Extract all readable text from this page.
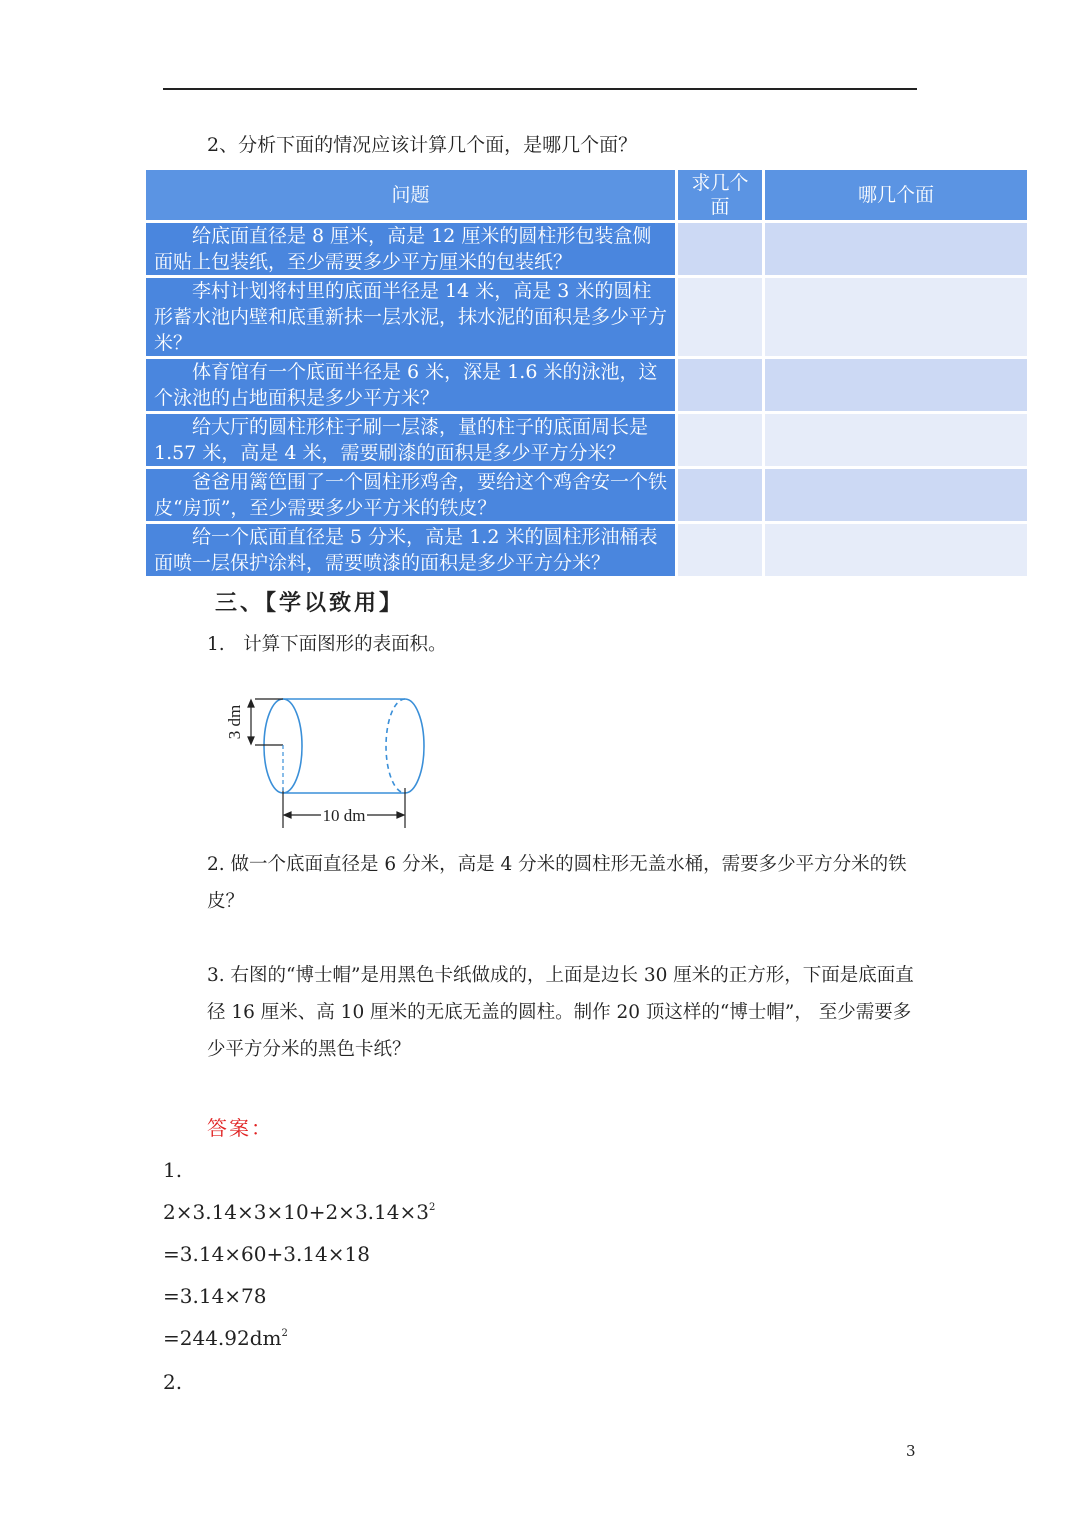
2、分析下面的情况应该计算几个面，是哪几个面？
问题	求几个面	哪几个面
给底面直径是 8 厘米，高是 12 厘米的圆柱形包装盒侧面贴上包装纸，至少需要多少平方厘米的包装纸？		
李村计划将村里的底面半径是 14 米，高是 3 米的圆柱形蓄水池内壁和底重新抹一层水泥，抹水泥的面积是多少平方米？		
体育馆有一个底面半径是 6 米，深是 1.6 米的泳池，这个泳池的占地面积是多少平方米？		
给大厅的圆柱形柱子刷一层漆，量的柱子的底面周长是 1.57 米，高是 4 米，需要刷漆的面积是多少平方分米？		
爸爸用篱笆围了一个圆柱形鸡舍，要给这个鸡舍安一个铁皮“房顶”，至少需要多少平方米的铁皮？		
给一个底面直径是 5 分米，高是 1.2 米的圆柱形油桶表面喷一层保护涂料，需要喷漆的面积是多少平方分米？		
三、【学以致用】
1.　计算下面图形的表面积。
3 dm
10 dm
2. 做一个底面直径是 6 分米，高是 4 分米的圆柱形无盖水桶，需要多少平方分米的铁皮？
3. 右图的“博士帽”是用黑色卡纸做成的，上面是边长 30 厘米的正方形，下面是底面直径 16 厘米、高 10 厘米的无底无盖的圆柱。制作 20 顶这样的“博士帽”， 至少需要多少平方分米的黑色卡纸？
答案：
1.
$2\times 3.14\times 3\times 10+2\times 3.14\times 3^2$
=3.14×60+3.14×18
=3.14×78
$=244.92dm^2$
2.
3
